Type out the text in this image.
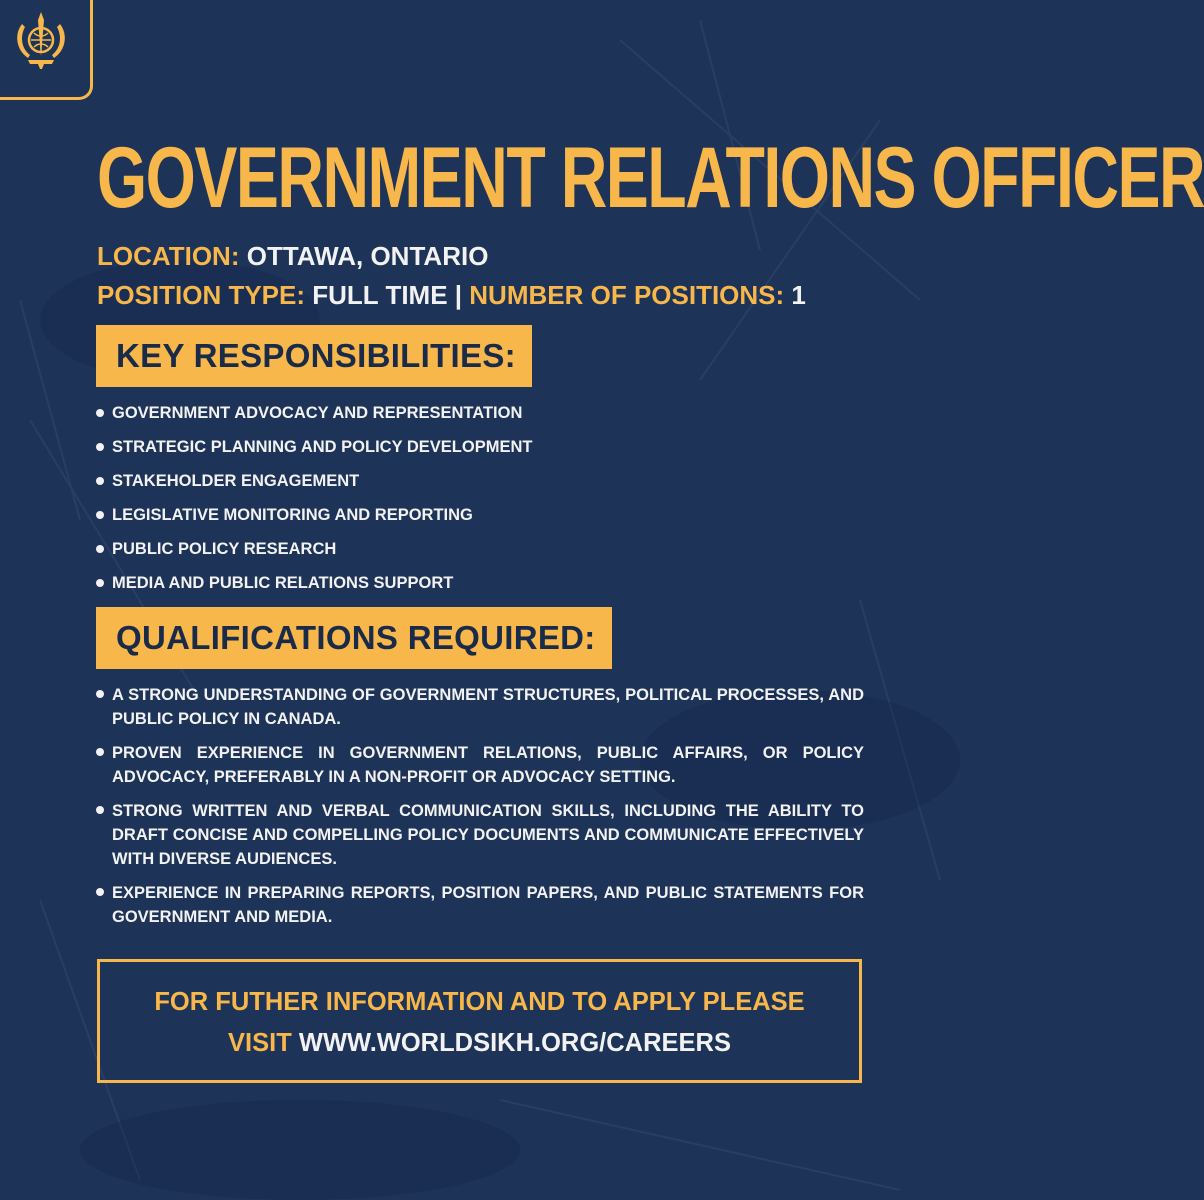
GOVERNMENT RELATIONS OFFICER
LOCATION: OTTAWA, ONTARIO
POSITION TYPE: FULL TIME | NUMBER OF POSITIONS: 1
KEY RESPONSIBILITIES:
GOVERNMENT ADVOCACY AND REPRESENTATION
STRATEGIC PLANNING AND POLICY DEVELOPMENT
STAKEHOLDER ENGAGEMENT
LEGISLATIVE MONITORING AND REPORTING
PUBLIC POLICY RESEARCH
MEDIA AND PUBLIC RELATIONS SUPPORT
QUALIFICATIONS REQUIRED:
A STRONG UNDERSTANDING OF GOVERNMENT STRUCTURES, POLITICAL PROCESSES, AND PUBLIC POLICY IN CANADA.
PROVEN EXPERIENCE IN GOVERNMENT RELATIONS, PUBLIC AFFAIRS, OR POLICY ADVOCACY, PREFERABLY IN A NON-PROFIT OR ADVOCACY SETTING.
STRONG WRITTEN AND VERBAL COMMUNICATION SKILLS, INCLUDING THE ABILITY TO DRAFT CONCISE AND COMPELLING POLICY DOCUMENTS AND COMMUNICATE EFFECTIVELY WITH DIVERSE AUDIENCES.
EXPERIENCE IN PREPARING REPORTS, POSITION PAPERS, AND PUBLIC STATEMENTS FOR GOVERNMENT AND MEDIA.
FOR FUTHER INFORMATION AND TO APPLY PLEASE
VISIT WWW.WORLDSIKH.ORG/CAREERS
